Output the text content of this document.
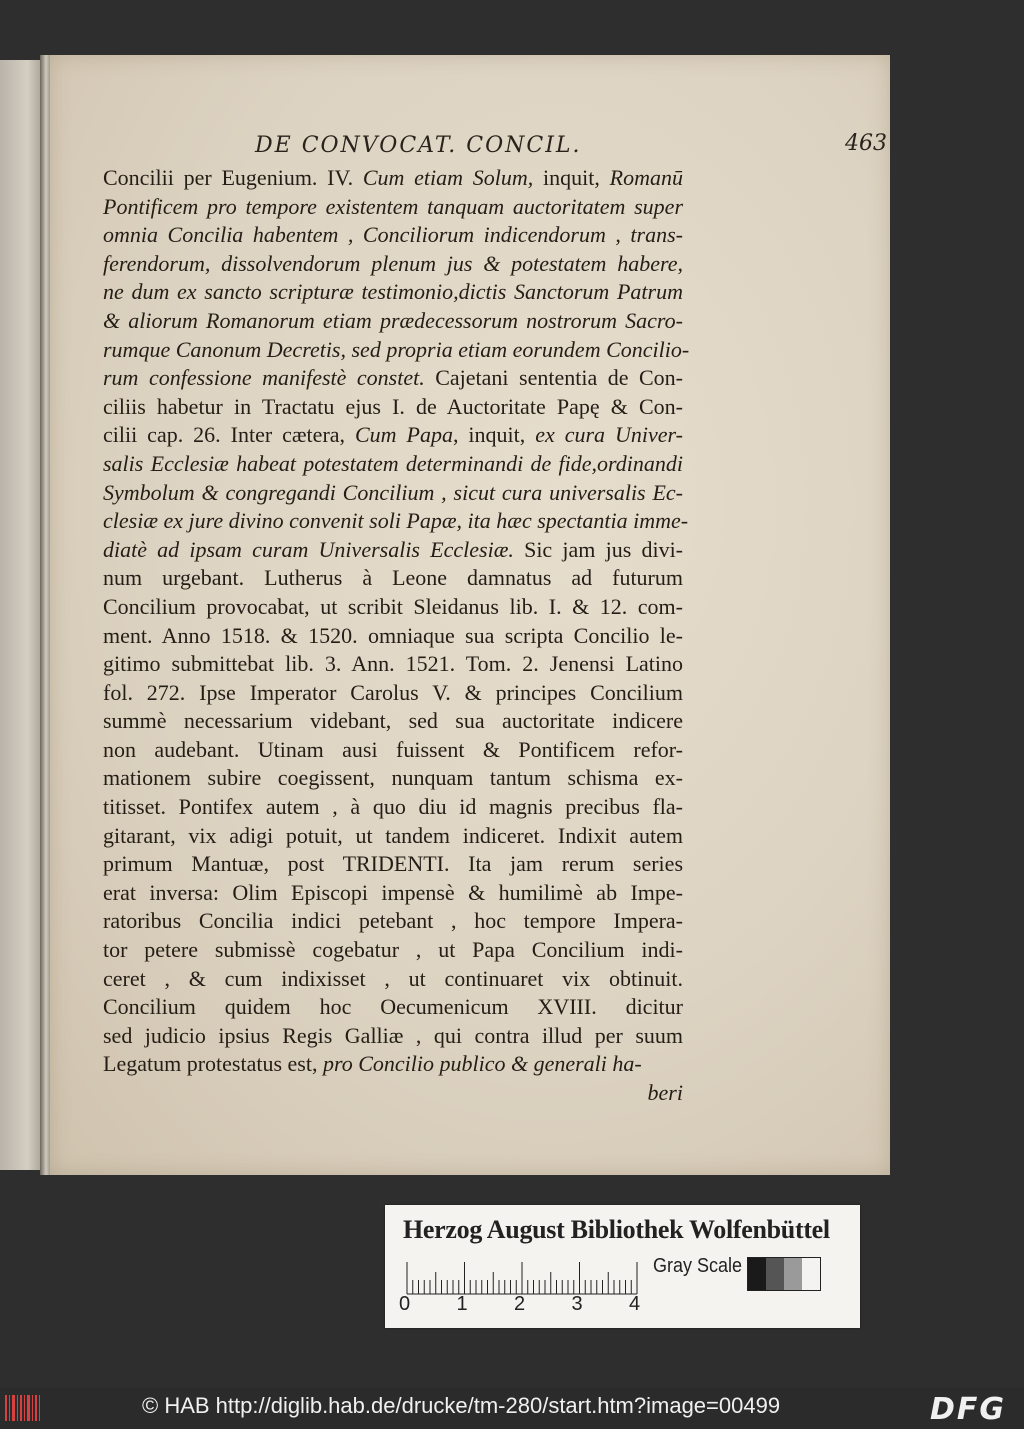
DE CONVOCAT. CONCIL.	463
Concilii per Eugenium. IV. Cum etiam Solum, inquit, Romanū
Pontificem pro tempore existentem tanquam auctoritatem super
omnia Concilia habentem , Conciliorum indicendorum , trans-
ferendorum, dissolvendorum plenum jus & potestatem habere,
ne dum ex sancto scripturæ testimonio,dictis Sanctorum Patrum
& aliorum Romanorum etiam prædecessorum nostrorum Sacro-
rumque Canonum Decretis, sed propria etiam eorundem Concilio-
rum confessione manifestè constet. Cajetani sententia de Con-
ciliis habetur in Tractatu ejus I. de Auctoritate Papę & Con-
cilii cap. 26. Inter cætera, Cum Papa, inquit, ex cura Univer-
salis Ecclesiæ habeat potestatem determinandi de fide,ordinandi
Symbolum & congregandi Concilium , sicut cura universalis Ec-
clesiæ ex jure divino convenit soli Papæ, ita hæc spectantia imme-
diatè ad ipsam curam Universalis Ecclesiæ. Sic jam jus divi-
num urgebant. Lutherus à Leone damnatus ad futurum
Concilium provocabat, ut scribit Sleidanus lib. I. & 12. com-
ment. Anno 1518. & 1520. omniaque sua scripta Concilio le-
gitimo submittebat lib. 3. Ann. 1521. Tom. 2. Jenensi Latino
fol. 272. Ipse Imperator Carolus V. & principes Concilium
summè necessarium videbant, sed sua auctoritate indicere
non audebant. Utinam ausi fuissent & Pontificem refor-
mationem subire coegissent, nunquam tantum schisma ex-
titisset. Pontifex autem , à quo diu id magnis precibus fla-
gitarant, vix adigi potuit, ut tandem indiceret. Indixit autem
primum Mantuæ, post TRIDENTI. Ita jam rerum series
erat inversa: Olim Episcopi impensè & humilimè ab Impe-
ratoribus Concilia indici petebant , hoc tempore Impera-
tor petere submissè cogebatur , ut Papa Concilium indi-
ceret , & cum indixisset , ut continuaret vix obtinuit.
Concilium quidem hoc Oecumenicum XVIII. dicitur
sed judicio ipsius Regis Galliæ , qui contra illud per suum
Legatum protestatus est, pro Concilio publico & generali ha-
beri
Herzog August Bibliothek Wolfenbüttel
0 1 2 3 4
Gray Scale
© HAB http://diglib.hab.de/drucke/tm-280/start.htm?image=00499	DFG
